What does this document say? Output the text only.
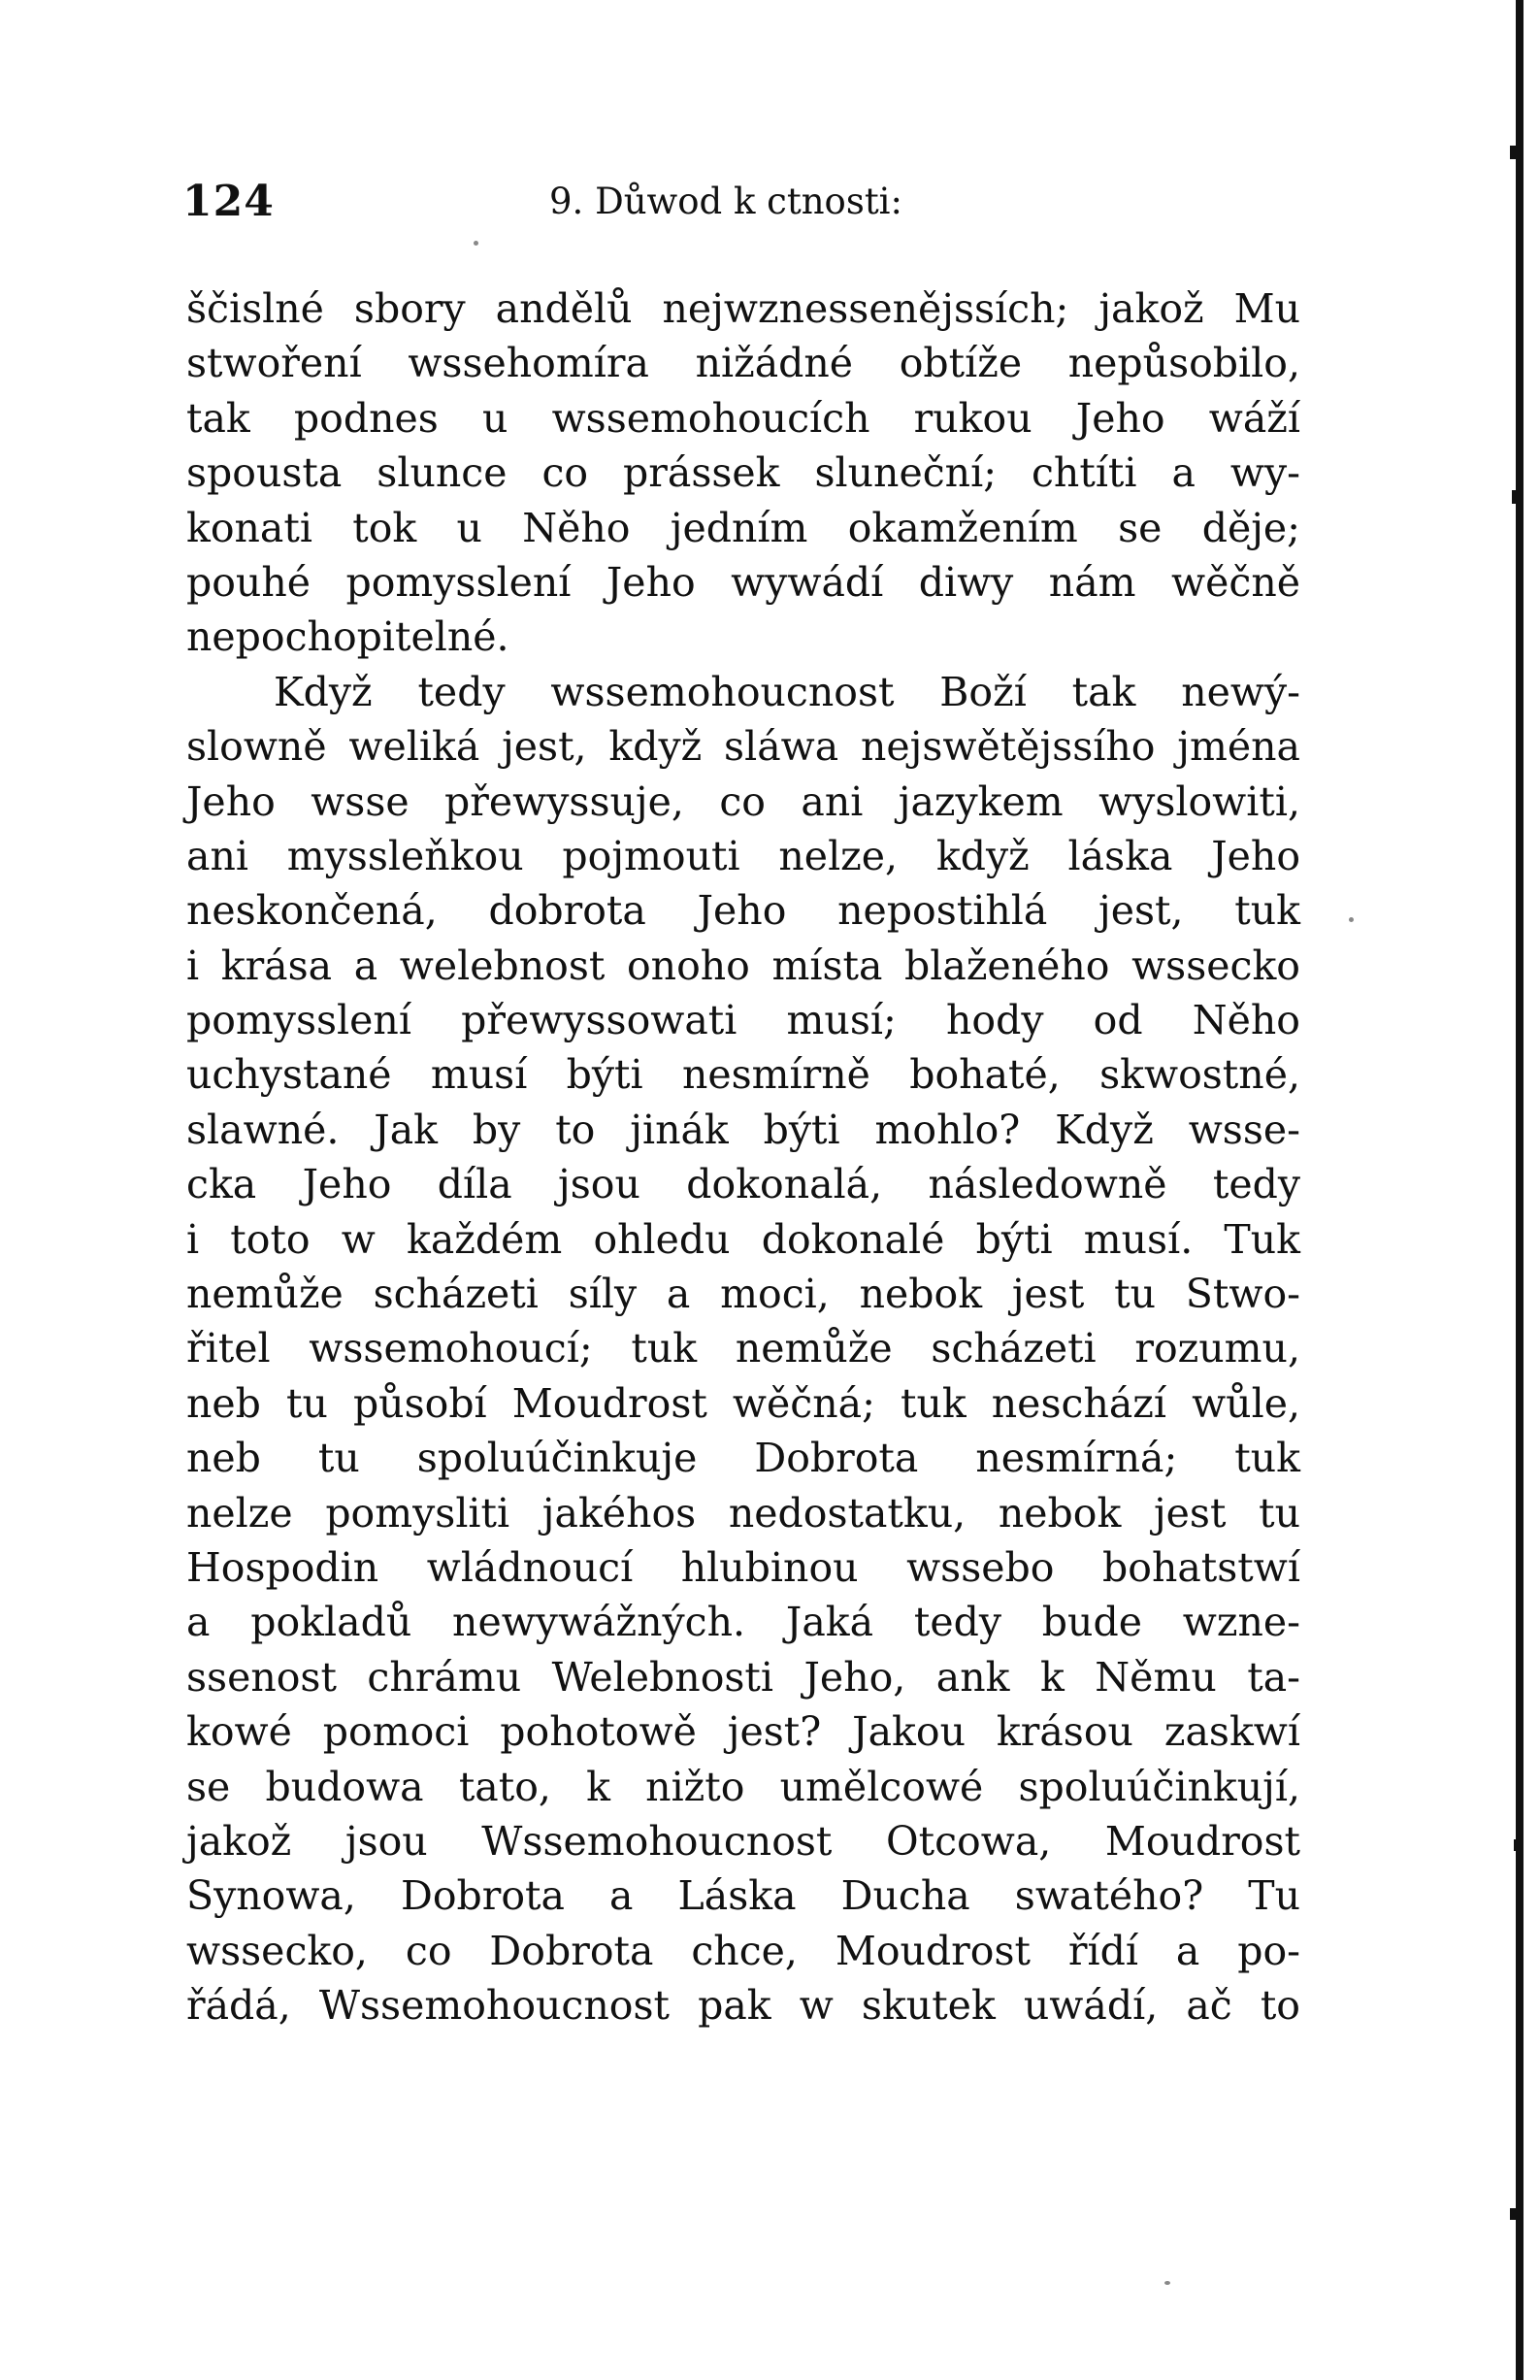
124	9. Důwod k ctnosti:
ščislné sbory andělů nejwznessenějssích; jakož Mu
stwoření wssehomíra nižádné obtíže nepůsobilo,
tak podnes u wssemohoucích rukou Jeho wáží
spousta slunce co prássek sluneční; chtíti a wy-
konati tok u Něho jedním okamžením se děje;
pouhé pomysslení Jeho wywádí diwy nám wěčně
nepochopitelné.
Když tedy wssemohoucnost Boží tak newý-
slowně weliká jest, když sláwa nejswětějssího jména
Jeho wsse přewyssuje, co ani jazykem wyslowiti,
ani myssleňkou pojmouti nelze, když láska Jeho
neskončená, dobrota Jeho nepostihlá jest, tuk
i krása a welebnost onoho místa blaženého wsseckо
pomysslení přewyssowati musí; hody od Něho
uchystané musí býti nesmírně bohaté, skwostné,
slawné. Jak by to jinák býti mohlo? Když wsse-
cka Jeho díla jsou dokonalá, následowně tedy
i toto w každém ohledu dokonalé býti musí. Tuk
nemůže scházeti síly a moci, nebok jest tu Stwo-
řitel wssemohoucí; tuk nemůže scházeti rozumu,
neb tu působí Moudrost wěčná; tuk neschází wůle,
neb tu spoluúčinkuje Dobrota nesmírná; tuk
nelze pomysliti jakéhos nedostatku, nebok jest tu
Hospodin wládnoucí hlubinou wssebo bohatstwí
a pokladů newywážných. Jaká tedy bude wzne-
ssenost chrámu Welebnosti Jeho, ank k Němu ta-
kowé pomoci pohotowě jest? Jakou krásou zaskwí
se budowa tato, k nižto umělcowé spoluúčinkují,
jakož jsou Wssemohoucnost Otcowa, Moudrost
Synowa, Dobrota a Láska Ducha swatého? Tu
wsseckо, co Dobrota chce, Moudrost řídí a po-
řádá, Wssemohoucnost pak w skutek uwádí, ač to
